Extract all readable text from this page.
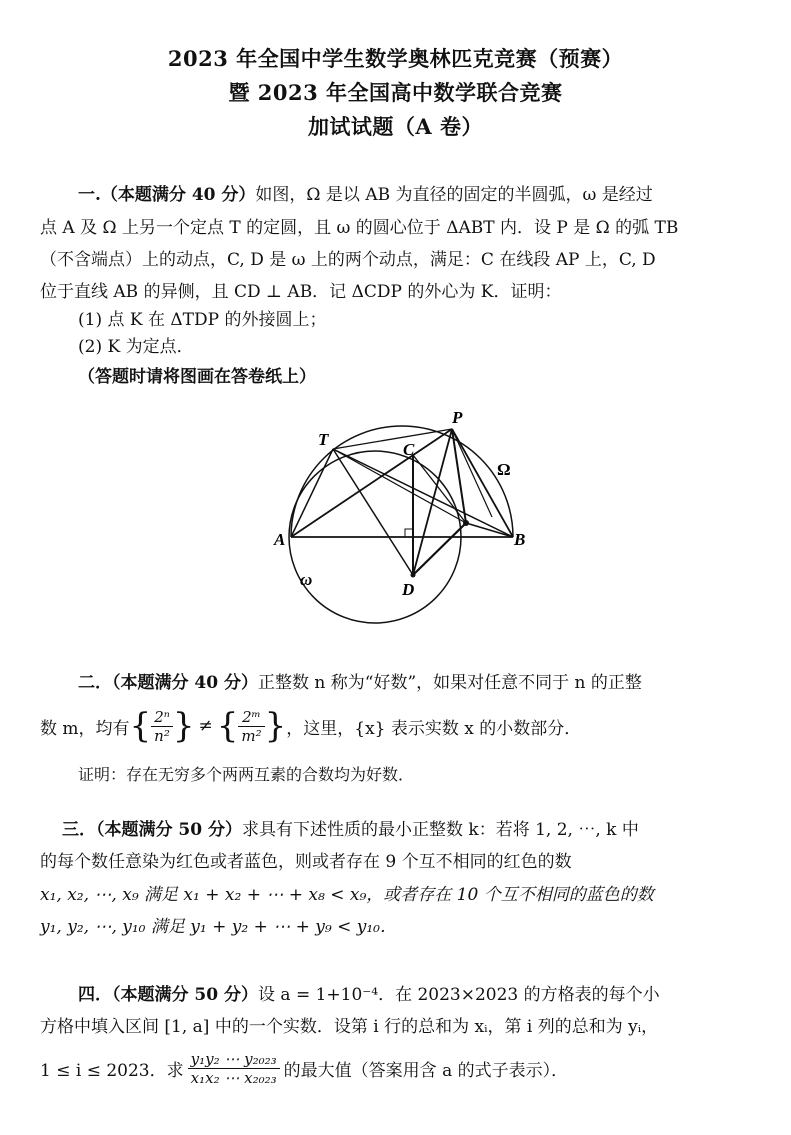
2023 年全国中学生数学奥林匹克竞赛（预赛）
暨 2023 年全国高中数学联合竞赛
加试试题（A 卷）
一.（本题满分 40 分）如图，Ω 是以 AB 为直径的固定的半圆弧，ω 是经过
点 A 及 Ω 上另一个定点 T 的定圆，且 ω 的圆心位于 ΔABT 内．设 P 是 Ω 的弧 TB
（不含端点）上的动点，C, D 是 ω 上的两个动点，满足：C 在线段 AP 上，C, D
位于直线 AB 的异侧，且 CD ⊥ AB．记 ΔCDP 的外心为 K．证明：
(1) 点 K 在 ΔTDP 的外接圆上；
(2) K 为定点．
（答题时请将图画在答卷纸上）
T
P
C
Ω
A	B
D
ω
二．（本题满分 40 分）正整数 n 称为“好数”，如果对任意不同于 n 的正整
数 m，均有 { $\frac{\text{2ⁿ}}{\text{n²}}$ } ≠ { $\frac{\text{2ᵐ}}{\text{m²}}$ } ，这里，{x} 表示实数 x 的小数部分．
证明：存在无穷多个两两互素的合数均为好数．
三．（本题满分 50 分）求具有下述性质的最小正整数 k：若将 1, 2, ⋯, k 中
的每个数任意染为红色或者蓝色，则或者存在 9 个互不相同的红色的数
x₁, x₂, ⋯, x₉ 满足 x₁ + x₂ + ⋯ + x₈ < x₉，或者存在 10 个互不相同的蓝色的数
y₁, y₂, ⋯, y₁₀ 满足 y₁ + y₂ + ⋯ + y₉ < y₁₀．
四．（本题满分 50 分）设 a = 1+10⁻⁴．在 2023×2023 的方格表的每个小
方格中填入区间 [1, a] 中的一个实数．设第 i 行的总和为 xᵢ，第 i 列的总和为 yᵢ，
1 ≤ i ≤ 2023．求 $\frac{\text{y₁y₂ ⋯ y₂₀₂₃}}{\text{x₁x₂ ⋯ x₂₀₂₃}}$ 的最大值（答案用含 a 的式子表示）．
